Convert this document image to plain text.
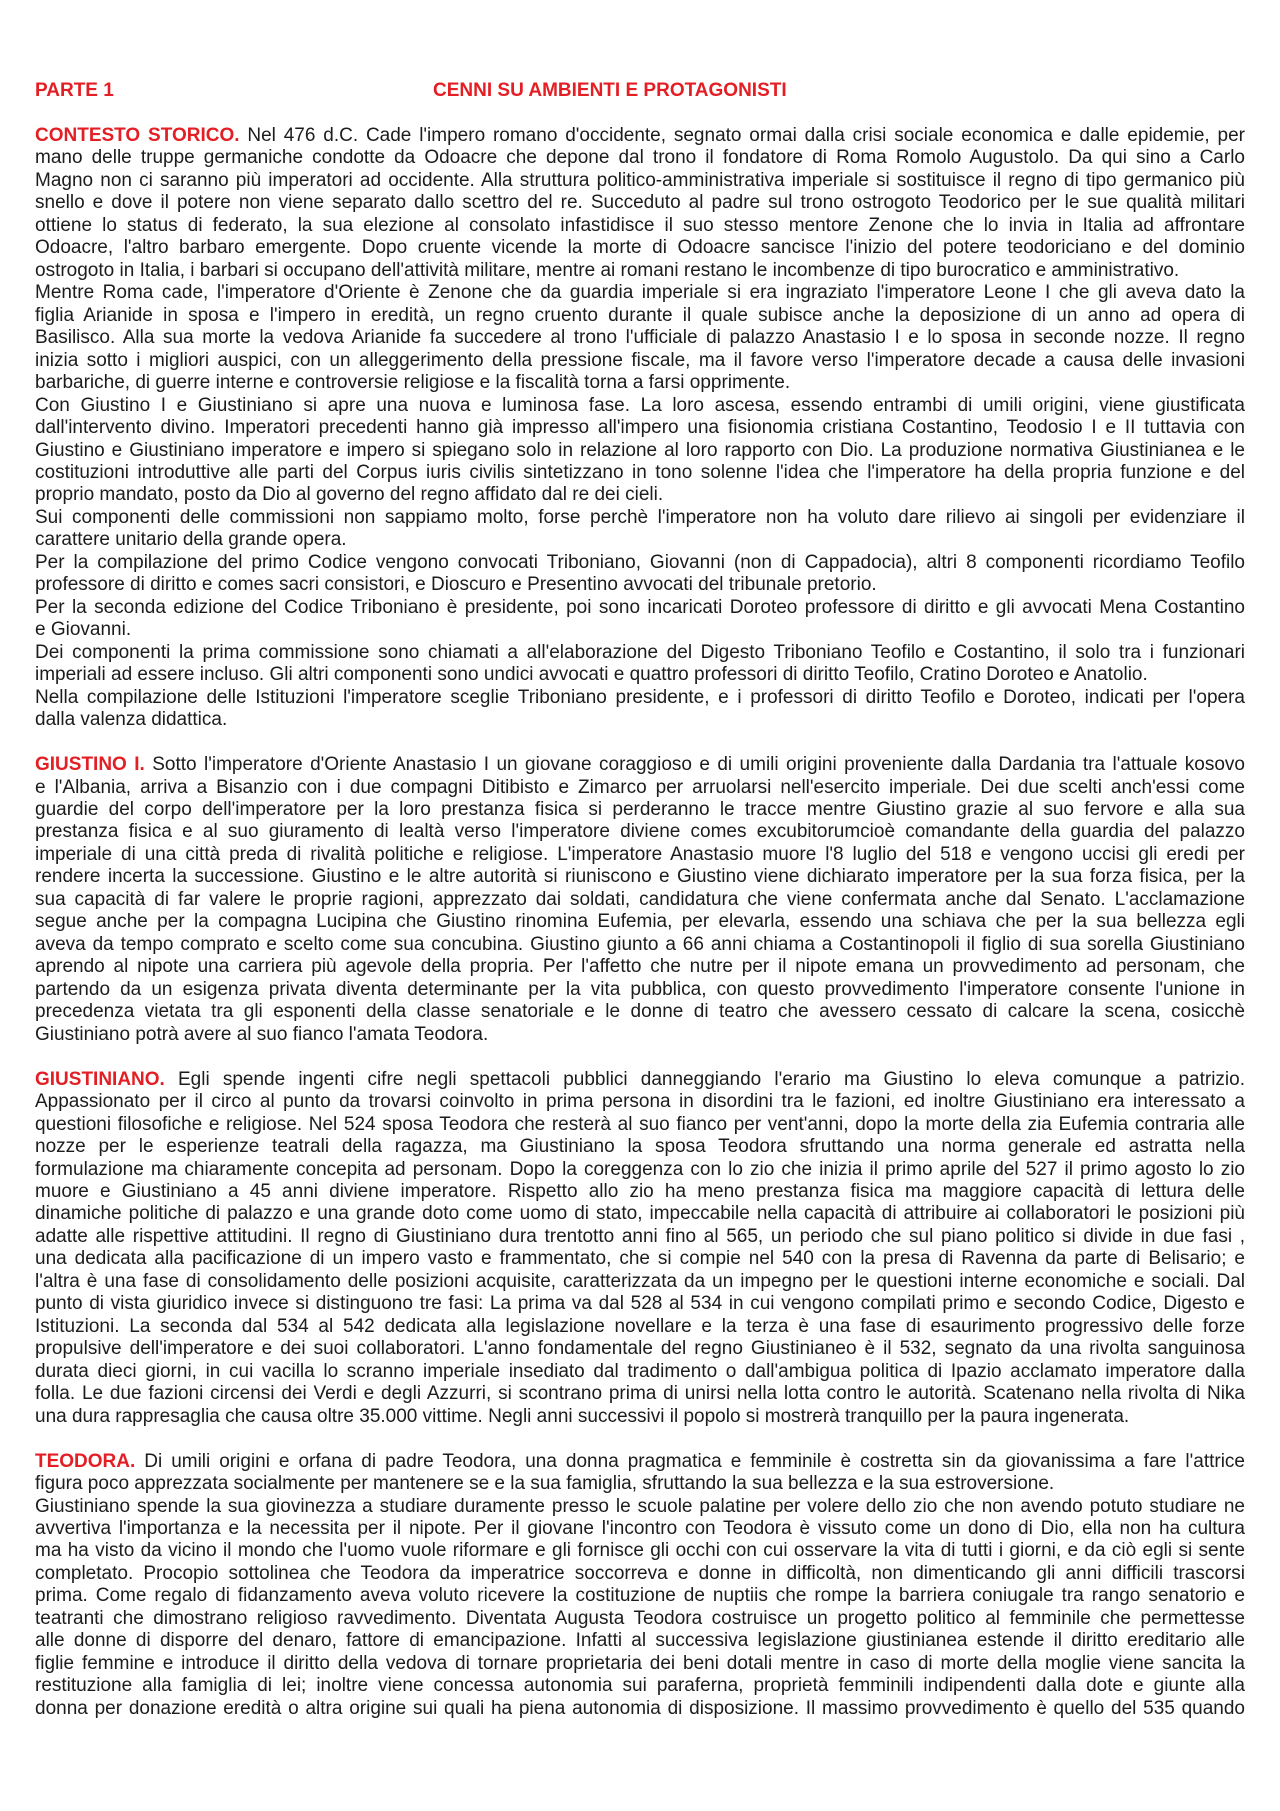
PARTE 1	CENNI SU AMBIENTI E PROTAGONISTI
CONTESTO STORICO. Nel 476 d.C. Cade l'impero romano d'occidente, segnato ormai dalla crisi sociale economica e dalle epidemie, per
mano delle truppe germaniche condotte da Odoacre che depone dal trono il fondatore di Roma Romolo Augustolo. Da qui sino a Carlo
Magno non ci saranno più imperatori ad occidente. Alla struttura politico-amministrativa imperiale si sostituisce il regno di tipo germanico più
snello e dove il potere non viene separato dallo scettro del re. Succeduto al padre sul trono ostrogoto Teodorico per le sue qualità militari
ottiene lo status di federato, la sua elezione al consolato infastidisce il suo stesso mentore Zenone che lo invia in Italia ad affrontare
Odoacre, l'altro barbaro emergente. Dopo cruente vicende la morte di Odoacre sancisce l'inizio del potere teodoriciano e del dominio
ostrogoto in Italia, i barbari si occupano dell'attività militare, mentre ai romani restano le incombenze di tipo burocratico e amministrativo.
Mentre Roma cade, l'imperatore d'Oriente è Zenone che da guardia imperiale si era ingraziato l'imperatore Leone I che gli aveva dato la
figlia Arianide in sposa e l'impero in eredità, un regno cruento durante il quale subisce anche la deposizione di un anno ad opera di
Basilisco. Alla sua morte la vedova Arianide fa succedere al trono l'ufficiale di palazzo Anastasio I e lo sposa in seconde nozze. Il regno
inizia sotto i migliori auspici, con un alleggerimento della pressione fiscale, ma il favore verso l'imperatore decade a causa delle invasioni
barbariche, di guerre interne e controversie religiose e la fiscalità torna a farsi opprimente.
Con Giustino I e Giustiniano si apre una nuova e luminosa fase. La loro ascesa, essendo entrambi di umili origini, viene giustificata
dall'intervento divino. Imperatori precedenti hanno già impresso all'impero una fisionomia cristiana Costantino, Teodosio I e II tuttavia con
Giustino e Giustiniano imperatore e impero si spiegano solo in relazione al loro rapporto con Dio. La produzione normativa Giustinianea e le
costituzioni introduttive alle parti del Corpus iuris civilis sintetizzano in tono solenne l'idea che l'imperatore ha della propria funzione e del
proprio mandato, posto da Dio al governo del regno affidato dal re dei cieli.
Sui componenti delle commissioni non sappiamo molto, forse perchè l'imperatore non ha voluto dare rilievo ai singoli per evidenziare il
carattere unitario della grande opera.
Per la compilazione del primo Codice vengono convocati Triboniano, Giovanni (non di Cappadocia), altri 8 componenti ricordiamo Teofilo
professore di diritto e comes sacri consistori, e Dioscuro e Presentino avvocati del tribunale pretorio.
Per la seconda edizione del Codice Triboniano è presidente, poi sono incaricati Doroteo professore di diritto e gli avvocati Mena Costantino
e Giovanni.
Dei componenti la prima commissione sono chiamati a all'elaborazione del Digesto Triboniano Teofilo e Costantino, il solo tra i funzionari
imperiali ad essere incluso. Gli altri componenti sono undici avvocati e quattro professori di diritto Teofilo, Cratino Doroteo e Anatolio.
Nella compilazione delle Istituzioni l'imperatore sceglie Triboniano presidente, e i professori di diritto Teofilo e Doroteo, indicati per l'opera
dalla valenza didattica.
GIUSTINO I. Sotto l'imperatore d'Oriente Anastasio I un giovane coraggioso e di umili origini proveniente dalla Dardania tra l'attuale kosovo
e l'Albania, arriva a Bisanzio con i due compagni Ditibisto e Zimarco per arruolarsi nell'esercito imperiale. Dei due scelti anch'essi come
guardie del corpo dell'imperatore per la loro prestanza fisica si perderanno le tracce mentre Giustino grazie al suo fervore e alla sua
prestanza fisica e al suo giuramento di lealtà verso l'imperatore diviene comes excubitorumcioè comandante della guardia del palazzo
imperiale di una città preda di rivalità politiche e religiose. L'imperatore Anastasio muore l'8 luglio del 518 e vengono uccisi gli eredi per
rendere incerta la successione. Giustino e le altre autorità si riuniscono e Giustino viene dichiarato imperatore per la sua forza fisica, per la
sua capacità di far valere le proprie ragioni, apprezzato dai soldati, candidatura che viene confermata anche dal Senato. L'acclamazione
segue anche per la compagna Lucipina che Giustino rinomina Eufemia, per elevarla, essendo una schiava che per la sua bellezza egli
aveva da tempo comprato e scelto come sua concubina. Giustino giunto a 66 anni chiama a Costantinopoli il figlio di sua sorella Giustiniano
aprendo al nipote una carriera più agevole della propria. Per l'affetto che nutre per il nipote emana un provvedimento ad personam, che
partendo da un esigenza privata diventa determinante per la vita pubblica, con questo provvedimento l'imperatore consente l'unione in
precedenza vietata tra gli esponenti della classe senatoriale e le donne di teatro che avessero cessato di calcare la scena, cosicchè
Giustiniano potrà avere al suo fianco l'amata Teodora.
GIUSTINIANO. Egli spende ingenti cifre negli spettacoli pubblici danneggiando l'erario ma Giustino lo eleva comunque a patrizio.
Appassionato per il circo al punto da trovarsi coinvolto in prima persona in disordini tra le fazioni, ed inoltre Giustiniano era interessato a
questioni filosofiche e religiose. Nel 524 sposa Teodora che resterà al suo fianco per vent'anni, dopo la morte della zia Eufemia contraria alle
nozze per le esperienze teatrali della ragazza, ma Giustiniano la sposa Teodora sfruttando una norma generale ed astratta nella
formulazione ma chiaramente concepita ad personam. Dopo la coreggenza con lo zio che inizia il primo aprile del 527 il primo agosto lo zio
muore e Giustiniano a 45 anni diviene imperatore. Rispetto allo zio ha meno prestanza fisica ma maggiore capacità di lettura delle
dinamiche politiche di palazzo e una grande doto come uomo di stato, impeccabile nella capacità di attribuire ai collaboratori le posizioni più
adatte alle rispettive attitudini. Il regno di Giustiniano dura trentotto anni fino al 565, un periodo che sul piano politico si divide in due fasi ,
una dedicata alla pacificazione di un impero vasto e frammentato, che si compie nel 540 con la presa di Ravenna da parte di Belisario; e
l'altra è una fase di consolidamento delle posizioni acquisite, caratterizzata da un impegno per le questioni interne economiche e sociali. Dal
punto di vista giuridico invece si distinguono tre fasi: La prima va dal 528 al 534 in cui vengono compilati primo e secondo Codice, Digesto e
Istituzioni. La seconda dal 534 al 542 dedicata alla legislazione novellare e la terza è una fase di esaurimento progressivo delle forze
propulsive dell'imperatore e dei suoi collaboratori. L'anno fondamentale del regno Giustinianeo è il 532, segnato da una rivolta sanguinosa
durata dieci giorni, in cui vacilla lo scranno imperiale insediato dal tradimento o dall'ambigua politica di Ipazio acclamato imperatore dalla
folla. Le due fazioni circensi dei Verdi e degli Azzurri, si scontrano prima di unirsi nella lotta contro le autorità. Scatenano nella rivolta di Nika
una dura rappresaglia che causa oltre 35.000 vittime. Negli anni successivi il popolo si mostrerà tranquillo per la paura ingenerata.
TEODORA. Di umili origini e orfana di padre Teodora, una donna pragmatica e femminile è costretta sin da giovanissima a fare l'attrice
figura poco apprezzata socialmente per mantenere se e la sua famiglia, sfruttando la sua bellezza e la sua estroversione.
Giustiniano spende la sua giovinezza a studiare duramente presso le scuole palatine per volere dello zio che non avendo potuto studiare ne
avvertiva l'importanza e la necessita per il nipote. Per il giovane l'incontro con Teodora è vissuto come un dono di Dio, ella non ha cultura
ma ha visto da vicino il mondo che l'uomo vuole riformare e gli fornisce gli occhi con cui osservare la vita di tutti i giorni, e da ciò egli si sente
completato. Procopio sottolinea che Teodora da imperatrice soccorreva e donne in difficoltà, non dimenticando gli anni difficili trascorsi
prima. Come regalo di fidanzamento aveva voluto ricevere la costituzione de nuptiis che rompe la barriera coniugale tra rango senatorio e
teatranti che dimostrano religioso ravvedimento. Diventata Augusta Teodora costruisce un progetto politico al femminile che permettesse
alle donne di disporre del denaro, fattore di emancipazione. Infatti al successiva legislazione giustinianea estende il diritto ereditario alle
figlie femmine e introduce il diritto della vedova di tornare proprietaria dei beni dotali mentre in caso di morte della moglie viene sancita la
restituzione alla famiglia di lei; inoltre viene concessa autonomia sui paraferna, proprietà femminili indipendenti dalla dote e giunte alla
donna per donazione eredità o altra origine sui quali ha piena autonomia di disposizione. Il massimo provvedimento è quello del 535 quando
